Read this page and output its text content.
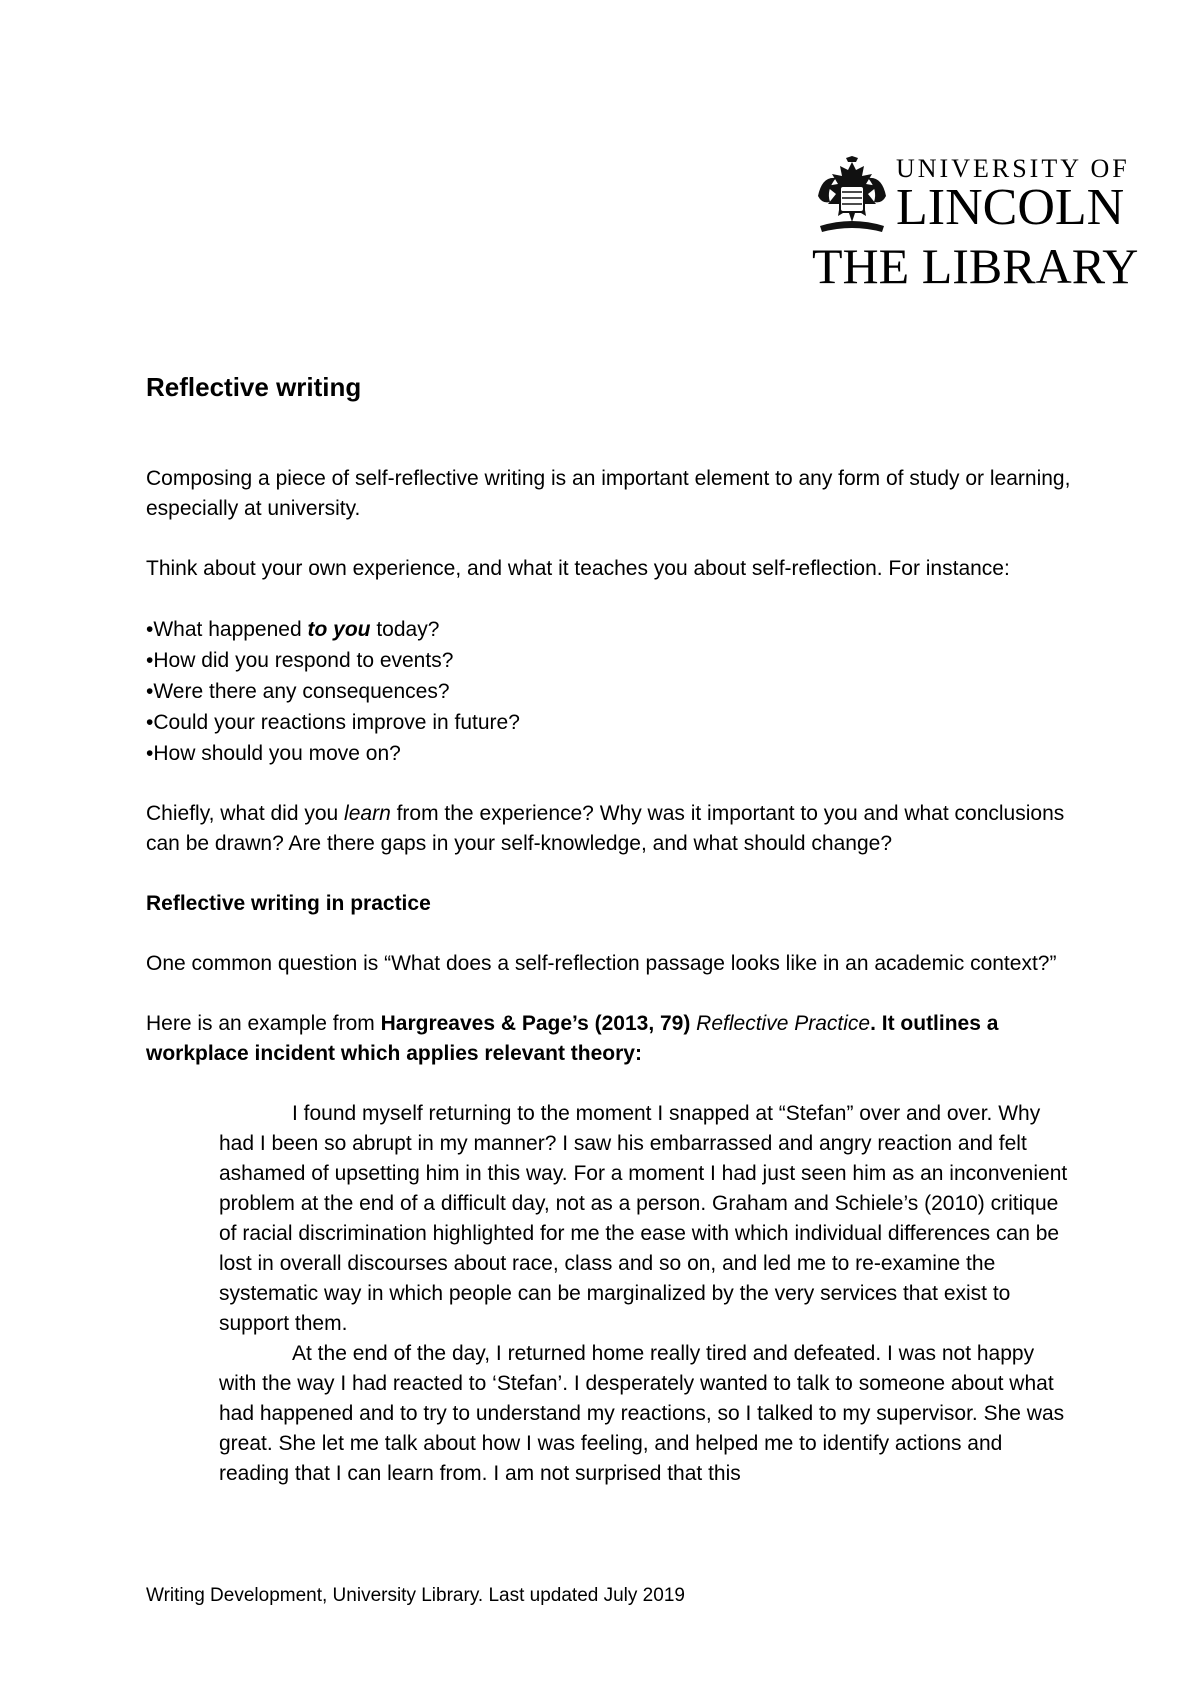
UNIVERSITY OF
LINCOLN
THE LIBRARY
Reflective writing

Composing a piece of self-reflective writing is an important element to any form of study or learning, especially at university.

Think about your own experience, and what it teaches you about self-reflection. For instance:

•What happened to you today?
•How did you respond to events?
•Were there any consequences?
•Could your reactions improve in future?
•How should you move on?

Chiefly, what did you learn from the experience? Why was it important to you and what conclusions can be drawn? Are there gaps in your self-knowledge, and what should change?

Reflective writing in practice

One common question is “What does a self-reflection passage looks like in an academic context?”

Here is an example from Hargreaves & Page’s (2013, 79) Reflective Practice. It outlines a workplace incident which applies relevant theory:

I found myself returning to the moment I snapped at “Stefan” over and over. Why had I been so abrupt in my manner? I saw his embarrassed and angry reaction and felt ashamed of upsetting him in this way. For a moment I had just seen him as an inconvenient problem at the end of a difficult day, not as a person. Graham and Schiele’s (2010) critique of racial discrimination highlighted for me the ease with which individual differences can be lost in overall discourses about race, class and so on, and led me to re-examine the systematic way in which people can be marginalized by the very services that exist to support them.

At the end of the day, I returned home really tired and defeated. I was not happy with the way I had reacted to ‘Stefan’. I desperately wanted to talk to someone about what had happened and to try to understand my reactions, so I talked to my supervisor. She was great. She let me talk about how I was feeling, and helped me to identify actions and reading that I can learn from. I am not surprised that this

Writing Development, University Library. Last updated July 2019
